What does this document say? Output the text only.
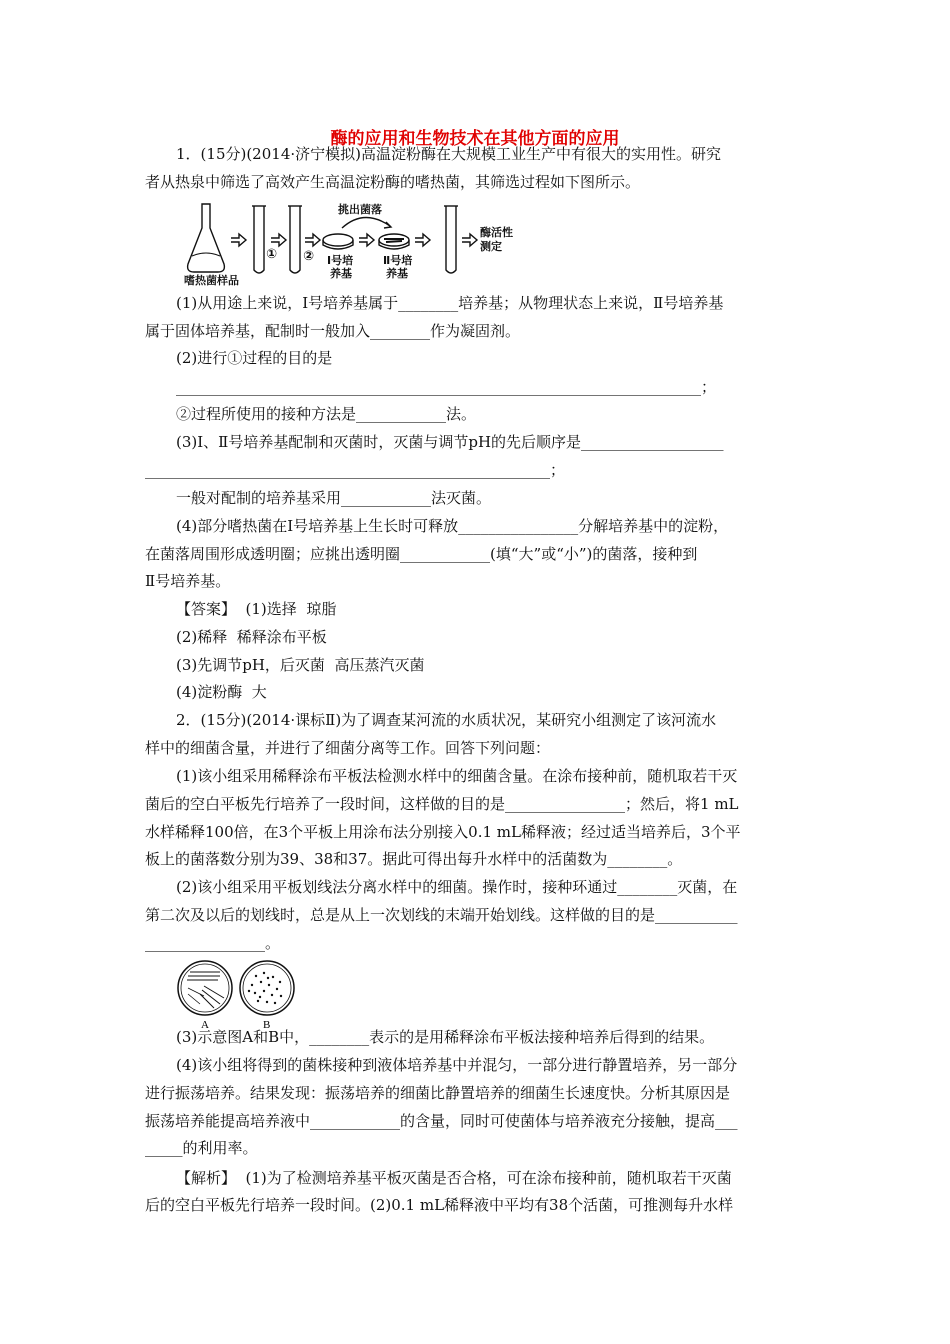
酶的应用和生物技术在其他方面的应用
1．(15分)(2014·济宁模拟)高温淀粉酶在大规模工业生产中有很大的实用性。研究
者从热泉中筛选了高效产生高温淀粉酶的嗜热菌，其筛选过程如下图所示。
嗜热菌样品
① ②
挑出菌落
Ⅰ号培
养基
Ⅱ号培
养基
酶活性
测定
(1)从用途上来说，Ⅰ号培养基属于________培养基；从物理状态上来说，Ⅱ号培养基
属于固体培养基，配制时一般加入________作为凝固剂。
(2)进行①过程的目的是
______________________________________________________________________；
②过程所使用的接种方法是____________法。
(3)Ⅰ、Ⅱ号培养基配制和灭菌时，灭菌与调节pH的先后顺序是___________________
______________________________________________________；
一般对配制的培养基采用____________法灭菌。
(4)部分嗜热菌在Ⅰ号培养基上生长时可释放________________分解培养基中的淀粉，
在菌落周围形成透明圈；应挑出透明圈____________(填“大”或“小”)的菌落，接种到
Ⅱ号培养基。
【答案】  (1)选择  琼脂
(2)稀释  稀释涂布平板
(3)先调节pH，后灭菌  高压蒸汽灭菌
(4)淀粉酶  大
2．(15分)(2014·课标Ⅱ)为了调查某河流的水质状况，某研究小组测定了该河流水
样中的细菌含量，并进行了细菌分离等工作。回答下列问题：
(1)该小组采用稀释涂布平板法检测水样中的细菌含量。在涂布接种前，随机取若干灭
菌后的空白平板先行培养了一段时间，这样做的目的是________________；然后，将1 mL
水样稀释100倍，在3个平板上用涂布法分别接入0.1 mL稀释液；经过适当培养后，3个平
板上的菌落数分别为39、38和37。据此可得出每升水样中的活菌数为________。
(2)该小组采用平板划线法分离水样中的细菌。操作时，接种环通过________灭菌，在
第二次及以后的划线时，总是从上一次划线的末端开始划线。这样做的目的是___________
________________。
A	B
(3)示意图A和B中，________表示的是用稀释涂布平板法接种培养后得到的结果。
(4)该小组将得到的菌株接种到液体培养基中并混匀，一部分进行静置培养，另一部分
进行振荡培养。结果发现：振荡培养的细菌比静置培养的细菌生长速度快。分析其原因是
振荡培养能提高培养液中____________的含量，同时可使菌体与培养液充分接触，提高___
_____的利用率。
【解析】  (1)为了检测培养基平板灭菌是否合格，可在涂布接种前，随机取若干灭菌
后的空白平板先行培养一段时间。(2)0.1 mL稀释液中平均有38个活菌，可推测每升水样
